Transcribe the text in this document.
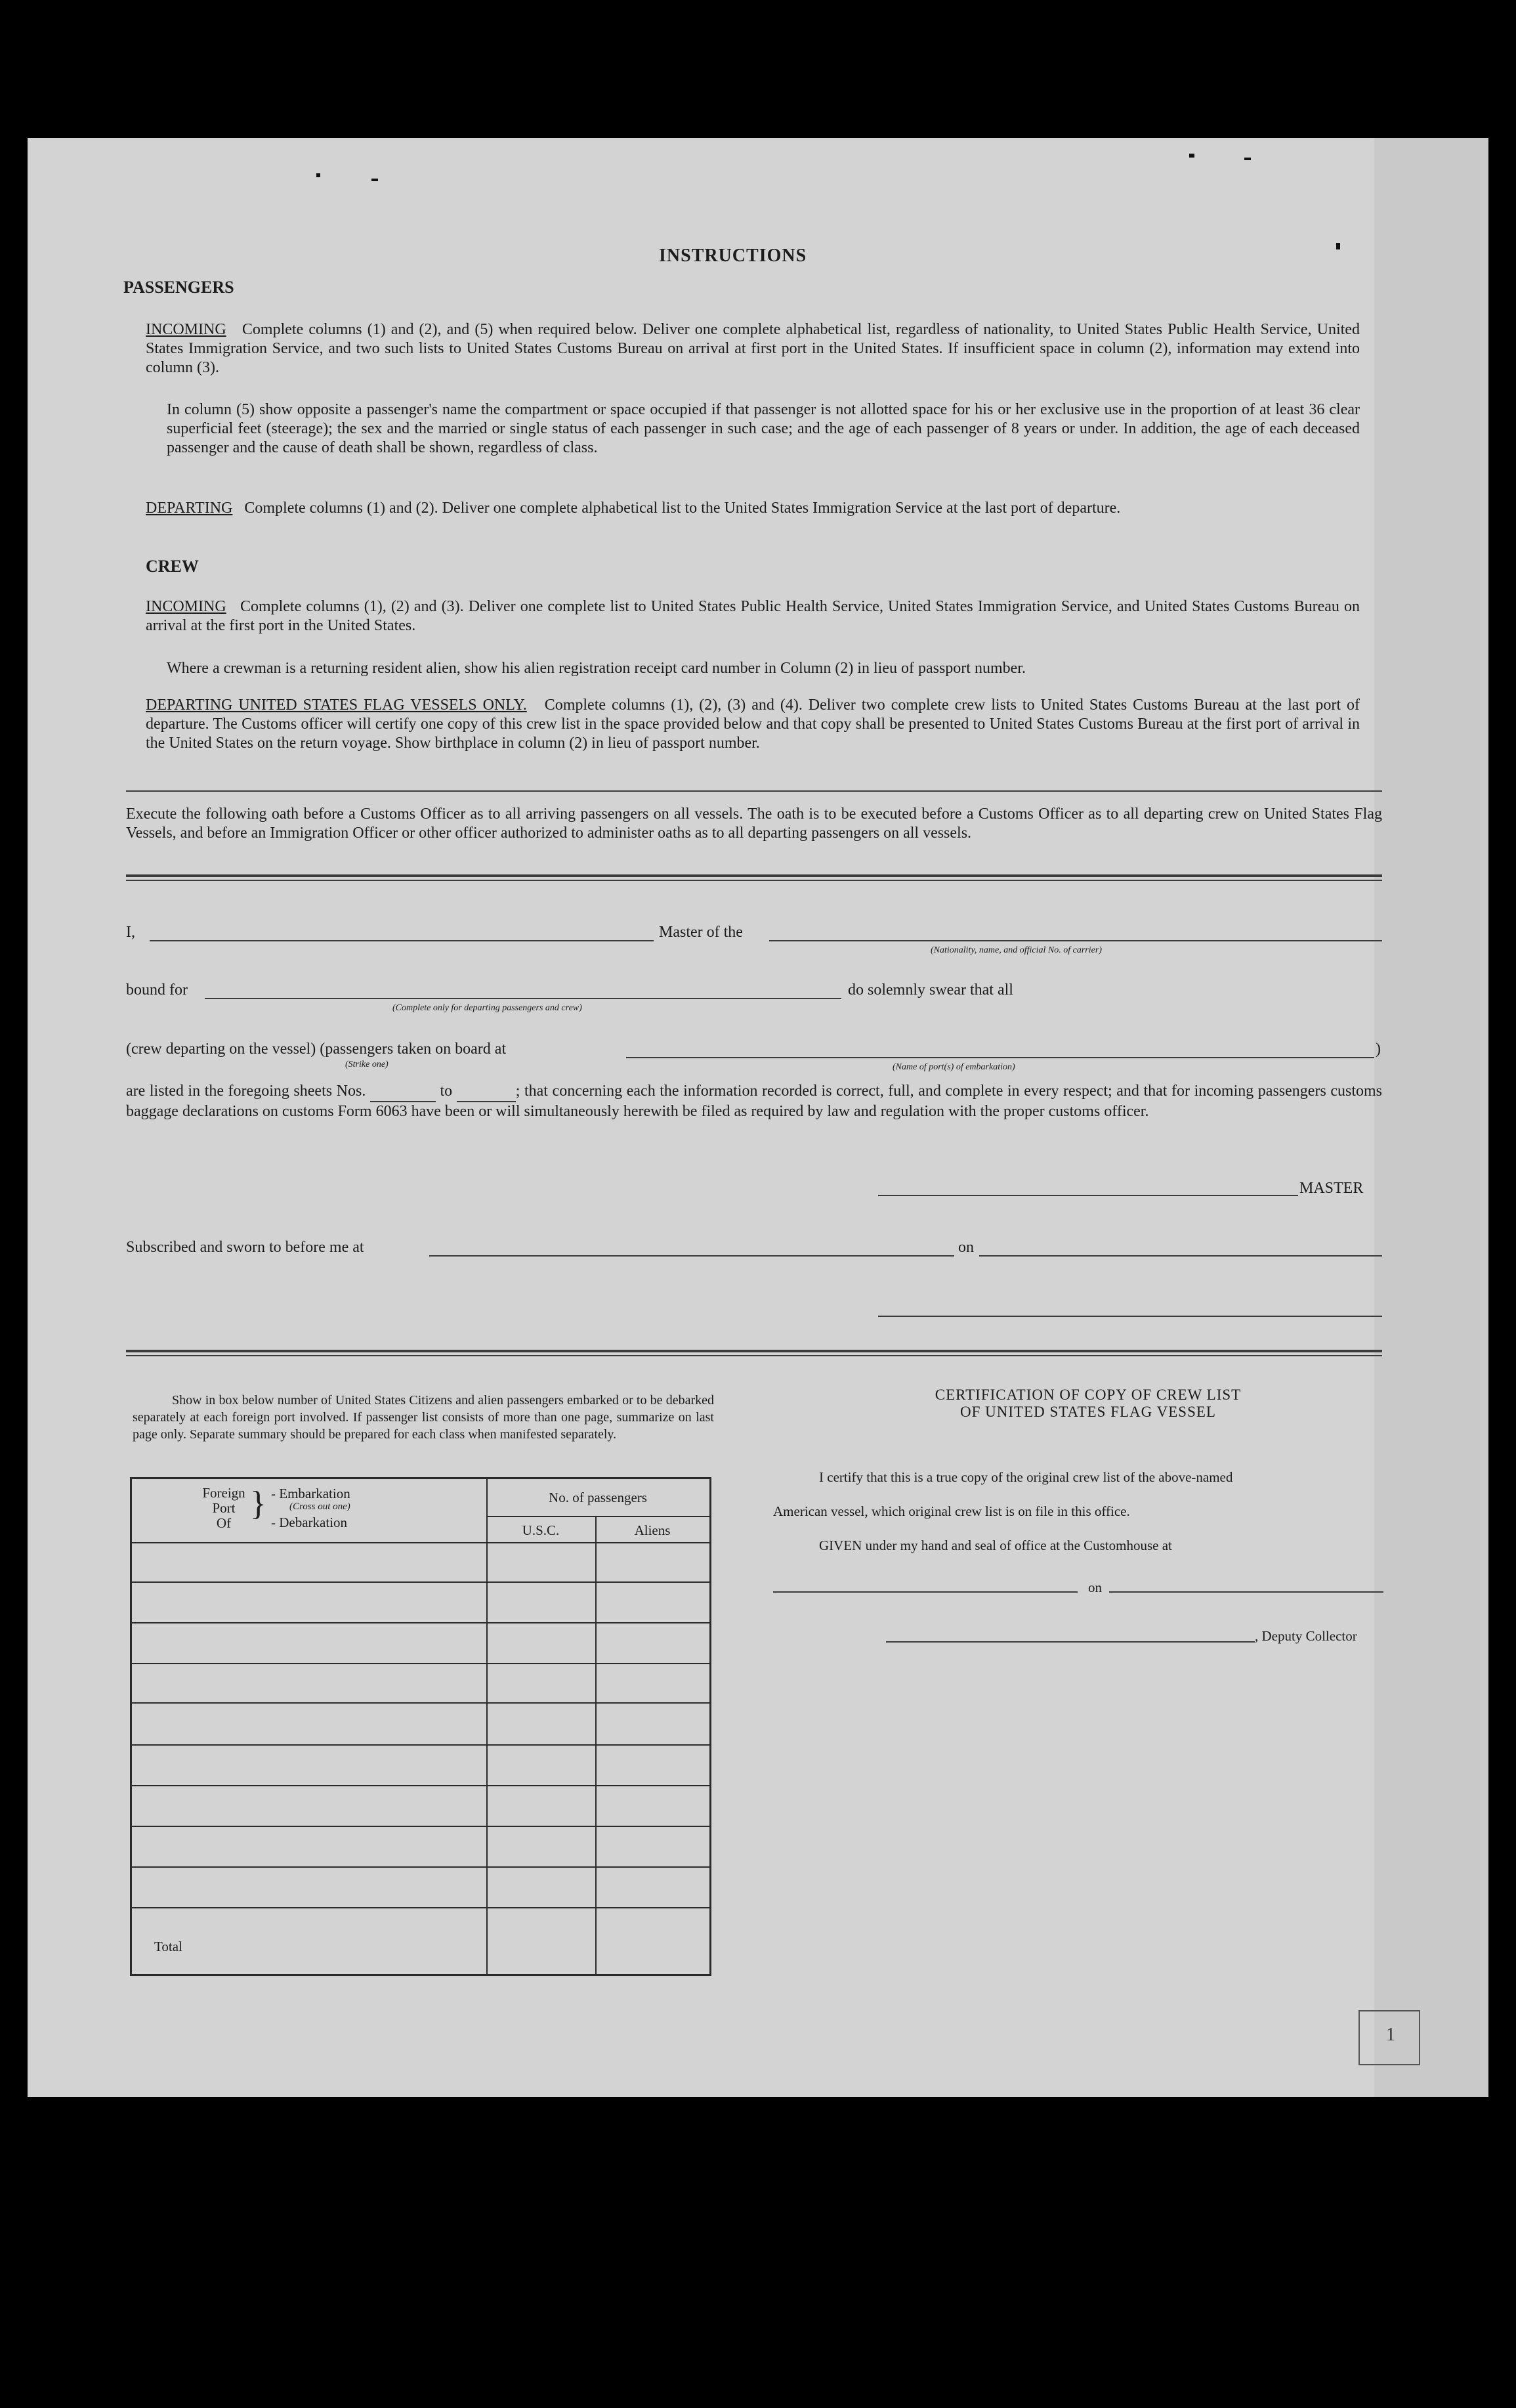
INSTRUCTIONS
PASSENGERS
INCOMING Complete columns (1) and (2), and (5) when required below. Deliver one complete alphabetical list, regardless of nationality, to United States Public Health Service, United States Immigration Service, and two such lists to United States Customs Bureau on arrival at first port in the United States. If insufficient space in column (2), information may extend into column (3).
In column (5) show opposite a passenger's name the compartment or space occupied if that passenger is not allotted space for his or her exclusive use in the proportion of at least 36 clear superficial feet (steerage); the sex and the married or single status of each passenger in such case; and the age of each passenger of 8 years or under. In addition, the age of each deceased passenger and the cause of death shall be shown, regardless of class.
DEPARTING Complete columns (1) and (2). Deliver one complete alphabetical list to the United States Immigration Service at the last port of departure.
CREW
INCOMING Complete columns (1), (2) and (3). Deliver one complete list to United States Public Health Service, United States Immigration Service, and United States Customs Bureau on arrival at the first port in the United States.
Where a crewman is a returning resident alien, show his alien registration receipt card number in Column (2) in lieu of passport number.
DEPARTING UNITED STATES FLAG VESSELS ONLY. Complete columns (1), (2), (3) and (4). Deliver two complete crew lists to United States Customs Bureau at the last port of departure. The Customs officer will certify one copy of this crew list in the space provided below and that copy shall be presented to United States Customs Bureau at the first port of arrival in the United States on the return voyage. Show birthplace in column (2) in lieu of passport number.
Execute the following oath before a Customs Officer as to all arriving passengers on all vessels. The oath is to be executed before a Customs Officer as to all departing crew on United States Flag Vessels, and before an Immigration Officer or other officer authorized to administer oaths as to all departing passengers on all vessels.
I,	Master of the
(Nationality, name, and official No. of carrier)
bound for
(Complete only for departing passengers and crew)
do solemnly swear that all
(crew departing on the vessel) (passengers taken on board at
(Strike one)	(Name of port(s) of embarkation)
)
are listed in the foregoing sheets Nos.	to	; that concerning each the information recorded is correct, full, and complete in every respect; and that for incoming passengers customs baggage declarations on customs Form 6063 have been or will simultaneously herewith be filed as required by law and regulation with the proper customs officer.
MASTER
Subscribed and sworn to before me at	on
Show in box below number of United States Citizens and alien passengers embarked or to be debarked separately at each foreign port involved. If passenger list consists of more than one page, summarize on last page only. Separate summary should be prepared for each class when manifested separately.
Foreign
Port
Of
} - Embarkation
(Cross out one)
- Debarkation
No. of passengers
U.S.C.	Aliens
Total
CERTIFICATION OF COPY OF CREW LIST
OF UNITED STATES FLAG VESSEL
I certify that this is a true copy of the original crew list of the above-named
American vessel, which original crew list is on file in this office.
GIVEN under my hand and seal of office at the Customhouse at
on
, Deputy Collector
1
